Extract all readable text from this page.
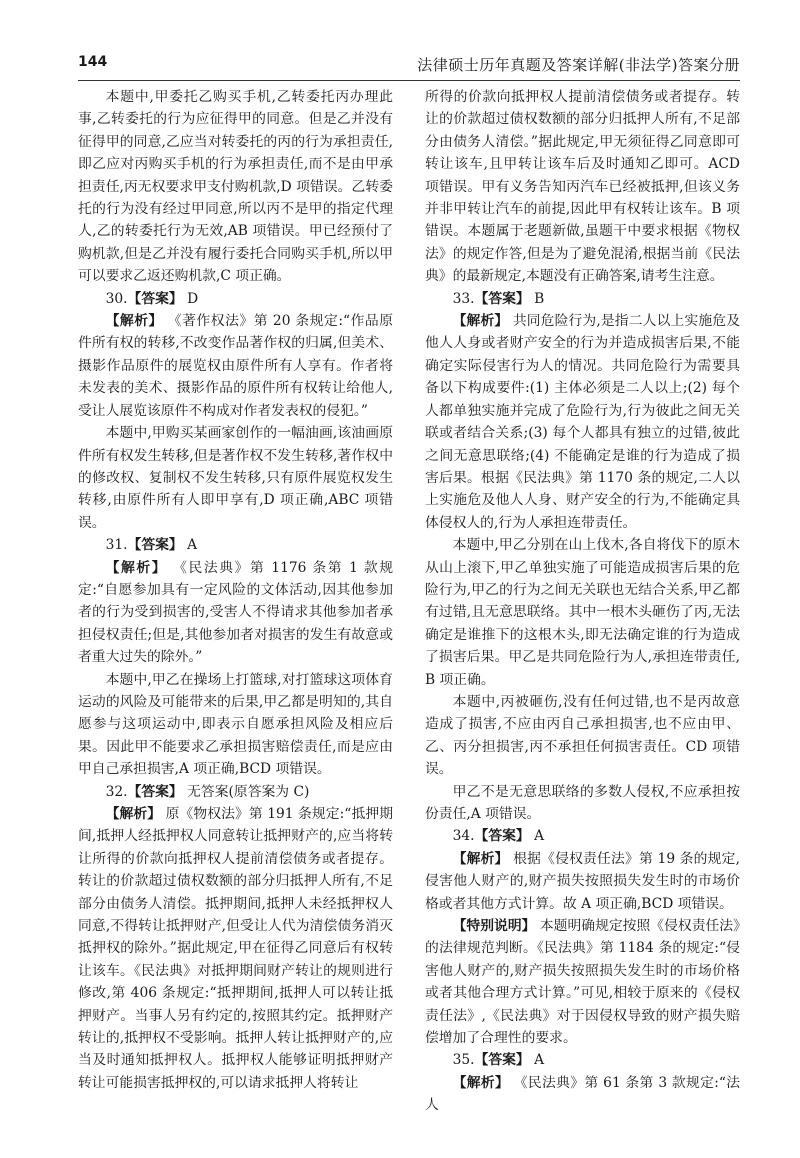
144	法律硕士历年真题及答案详解(非法学)答案分册

本题中,甲委托乙购买手机,乙转委托丙办理此事,乙转委托的行为应征得甲的同意。但是乙并没有征得甲的同意,乙应当对转委托的丙的行为承担责任,即乙应对丙购买手机的行为承担责任,而不是由甲承担责任,丙无权要求甲支付购机款,D 项错误。乙转委托的行为没有经过甲同意,所以丙不是甲的指定代理人,乙的转委托行为无效,AB 项错误。甲已经预付了购机款,但是乙并没有履行委托合同购买手机,所以甲可以要求乙返还购机款,C 项正确。

30.【答案】 D

【解析】 《著作权法》第 20 条规定:“作品原件所有权的转移,不改变作品著作权的归属,但美术、摄影作品原件的展览权由原件所有人享有。作者将未发表的美术、摄影作品的原件所有权转让给他人,受让人展览该原件不构成对作者发表权的侵犯。”

本题中,甲购买某画家创作的一幅油画,该油画原件所有权发生转移,但是著作权不发生转移,著作权中的修改权、复制权不发生转移,只有原件展览权发生转移,由原件所有人即甲享有,D 项正确,ABC 项错误。

31.【答案】 A

【解析】 《民法典》第 1176 条第 1 款规定:“自愿参加具有一定风险的文体活动,因其他参加者的行为受到损害的,受害人不得请求其他参加者承担侵权责任;但是,其他参加者对损害的发生有故意或者重大过失的除外。”

本题中,甲乙在操场上打篮球,对打篮球这项体育运动的风险及可能带来的后果,甲乙都是明知的,其自愿参与这项运动中,即表示自愿承担风险及相应后果。因此甲不能要求乙承担损害赔偿责任,而是应由甲自己承担损害,A 项正确,BCD 项错误。

32.【答案】 无答案(原答案为 C)

【解析】 原《物权法》第 191 条规定:“抵押期间,抵押人经抵押权人同意转让抵押财产的,应当将转让所得的价款向抵押权人提前清偿债务或者提存。转让的价款超过债权数额的部分归抵押人所有,不足部分由债务人清偿。抵押期间,抵押人未经抵押权人同意,不得转让抵押财产,但受让人代为清偿债务消灭抵押权的除外。”据此规定,甲在征得乙同意后有权转让该车。《民法典》对抵押期间财产转让的规则进行修改,第 406 条规定:“抵押期间,抵押人可以转让抵押财产。当事人另有约定的,按照其约定。抵押财产转让的,抵押权不受影响。抵押人转让抵押财产的,应当及时通知抵押权人。抵押权人能够证明抵押财产转让可能损害抵押权的,可以请求抵押人将转让

所得的价款向抵押权人提前清偿债务或者提存。转让的价款超过债权数额的部分归抵押人所有,不足部分由债务人清偿。”据此规定,甲无须征得乙同意即可转让该车,且甲转让该车后及时通知乙即可。ACD 项错误。甲有义务告知丙汽车已经被抵押,但该义务并非甲转让汽车的前提,因此甲有权转让该车。B 项错误。本题属于老题新做,虽题干中要求根据《物权法》的规定作答,但是为了避免混淆,根据当前《民法典》的最新规定,本题没有正确答案,请考生注意。

33.【答案】 B

【解析】 共同危险行为,是指二人以上实施危及他人人身或者财产安全的行为并造成损害后果,不能确定实际侵害行为人的情况。共同危险行为需要具备以下构成要件:(1) 主体必须是二人以上;(2) 每个人都单独实施并完成了危险行为,行为彼此之间无关联或者结合关系;(3) 每个人都具有独立的过错,彼此之间无意思联络;(4) 不能确定是谁的行为造成了损害后果。根据《民法典》第 1170 条的规定,二人以上实施危及他人人身、财产安全的行为,不能确定具体侵权人的,行为人承担连带责任。

本题中,甲乙分别在山上伐木,各自将伐下的原木从山上滚下,甲乙单独实施了可能造成损害后果的危险行为,甲乙的行为之间无关联也无结合关系,甲乙都有过错,且无意思联络。其中一根木头砸伤了丙,无法确定是谁推下的这根木头,即无法确定谁的行为造成了损害后果。甲乙是共同危险行为人,承担连带责任,B 项正确。

本题中,丙被砸伤,没有任何过错,也不是丙故意造成了损害,不应由丙自己承担损害,也不应由甲、乙、丙分担损害,丙不承担任何损害责任。CD 项错误。

甲乙不是无意思联络的多数人侵权,不应承担按份责任,A 项错误。

34.【答案】 A

【解析】 根据《侵权责任法》第 19 条的规定,侵害他人财产的,财产损失按照损失发生时的市场价格或者其他方式计算。故 A 项正确,BCD 项错误。

【特别说明】 本题明确规定按照《侵权责任法》的法律规范判断。《民法典》第 1184 条的规定:“侵害他人财产的,财产损失按照损失发生时的市场价格或者其他合理方式计算。”可见,相较于原来的《侵权责任法》,《民法典》对于因侵权导致的财产损失赔偿增加了合理性的要求。

35.【答案】 A

【解析】 《民法典》第 61 条第 3 款规定:“法人
